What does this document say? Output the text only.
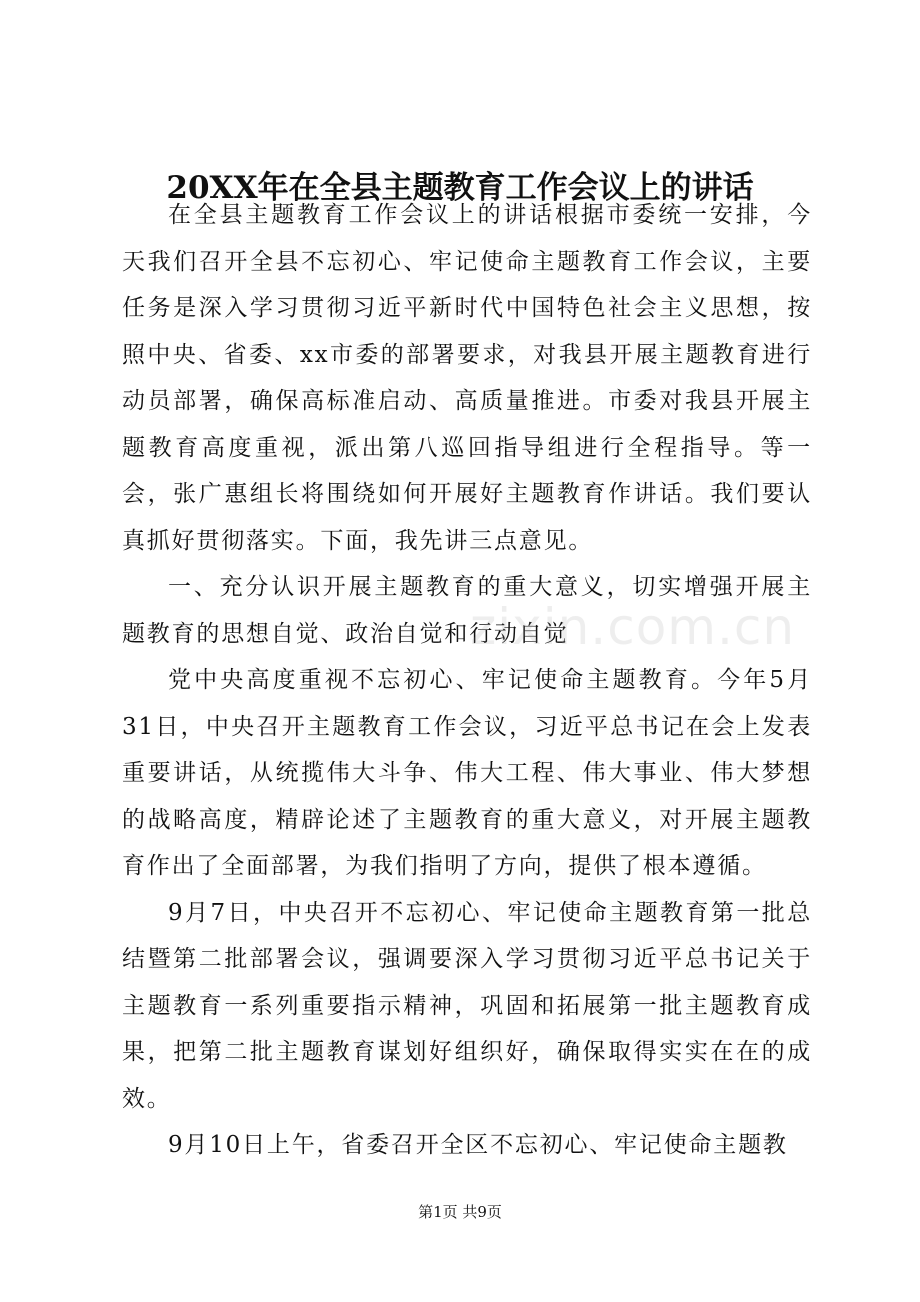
20XX年在全县主题教育工作会议上的讲话

在全县主题教育工作会议上的讲话根据市委统一安排，今天我们召开全县不忘初心、牢记使命主题教育工作会议，主要任务是深入学习贯彻习近平新时代中国特色社会主义思想，按照中央、省委、xx市委的部署要求，对我县开展主题教育进行动员部署，确保高标准启动、高质量推进。市委对我县开展主题教育高度重视，派出第八巡回指导组进行全程指导。等一会，张广惠组长将围绕如何开展好主题教育作讲话。我们要认真抓好贯彻落实。下面，我先讲三点意见。

一、充分认识开展主题教育的重大意义，切实增强开展主题教育的思想自觉、政治自觉和行动自觉

党中央高度重视不忘初心、牢记使命主题教育。今年5月31日，中央召开主题教育工作会议，习近平总书记在会上发表重要讲话，从统揽伟大斗争、伟大工程、伟大事业、伟大梦想的战略高度，精辟论述了主题教育的重大意义，对开展主题教育作出了全面部署，为我们指明了方向，提供了根本遵循。

9月7日，中央召开不忘初心、牢记使命主题教育第一批总结暨第二批部署会议，强调要深入学习贯彻习近平总书记关于主题教育一系列重要指示精神，巩固和拓展第一批主题教育成果，把第二批主题教育谋划好组织好，确保取得实实在在的成效。

9月10日上午，省委召开全区不忘初心、牢记使命主题教

zixin.com.cn
第1页 共9页
